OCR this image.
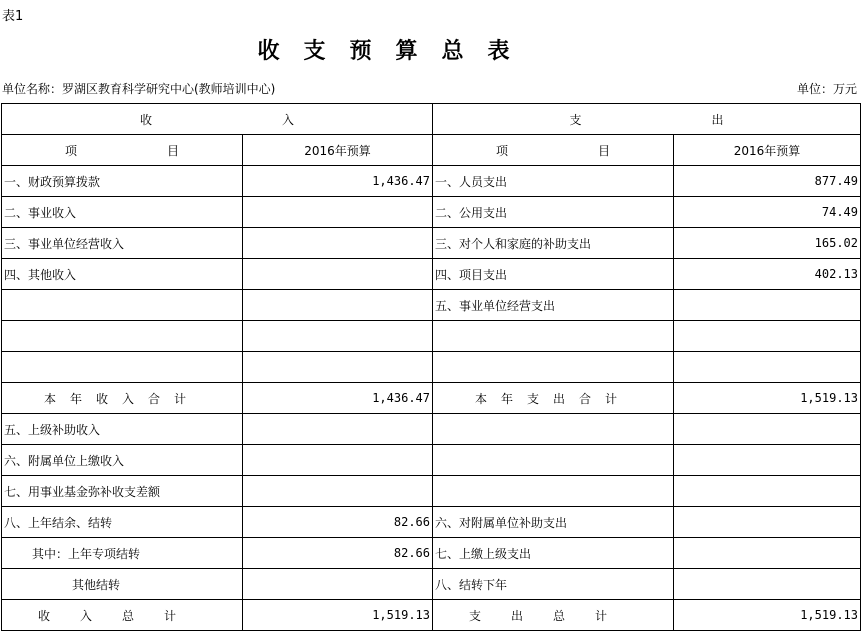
表1
收支预算总表
单位名称：罗湖区教育科学研究中心(教师培训中心)	单位：万元
收 入		支 出	
项 目	2016年预算	项 目	2016年预算
一、财政预算拨款	1,436.47	一、人员支出	877.49
二、事业收入		二、公用支出	74.49
三、事业单位经营收入		三、对个人和家庭的补助支出	165.02
四、其他收入		四、项目支出	402.13
		五、事业单位经营支出	

本年收入合计	1,436.47	本年支出合计	1,519.13
五、上级补助收入			
六、附属单位上缴收入			
七、用事业基金弥补收支差额			
八、上年结余、结转	82.66	六、对附属单位补助支出	
其中：上年专项结转	82.66	七、上缴上级支出	
其他结转		八、结转下年	
收入总计	1,519.13	支出总计	1,519.13
